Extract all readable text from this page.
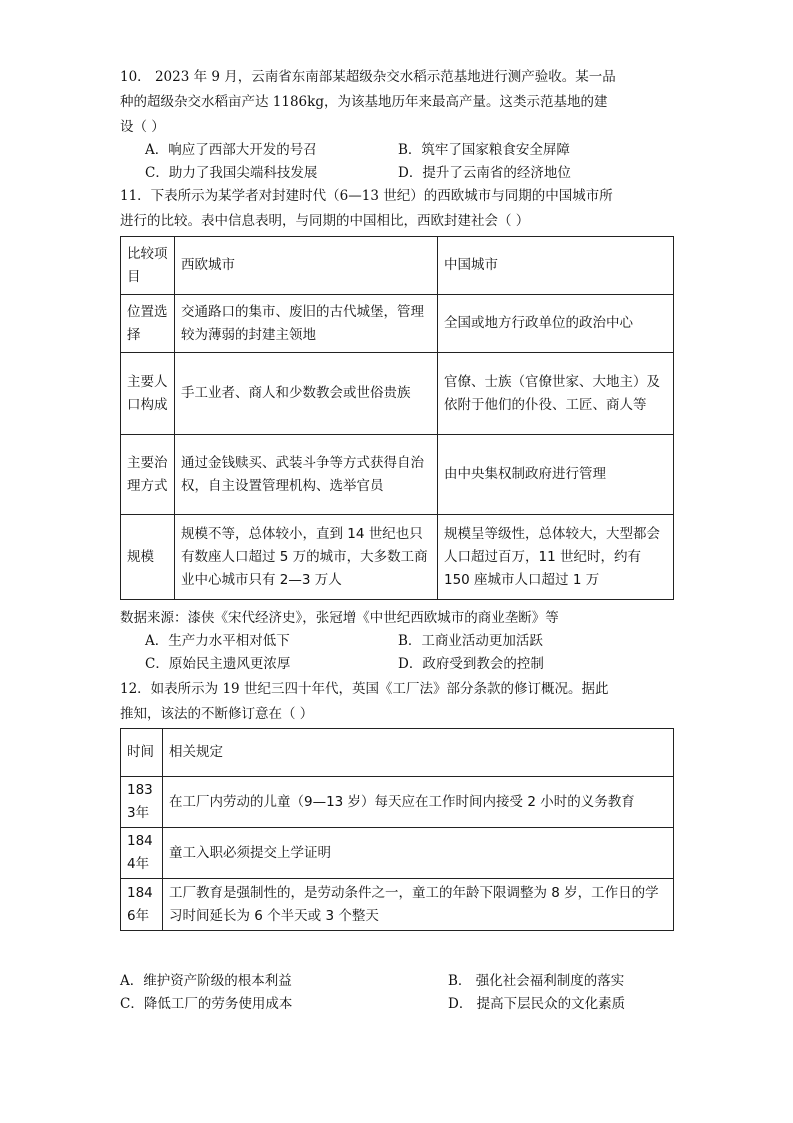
10． 2023 年 9 月，云南省东南部某超级杂交水稻示范基地进行测产验收。某一品
种的超级杂交水稻亩产达 1186kg，为该基地历年来最高产量。这类示范基地的建
设（ ）
A．响应了西部大开发的号召	B．筑牢了国家粮食安全屏障
C．助力了我国尖端科技发展	D．提升了云南省的经济地位
11．下表所示为某学者对封建时代（6—13 世纪）的西欧城市与同期的中国城市所
进行的比较。表中信息表明，与同期的中国相比，西欧封建社会（ ）
比较项目	西欧城市	中国城市
位置选择	交通路口的集市、废旧的古代城堡，管理较为薄弱的封建主领地	全国或地方行政单位的政治中心
主要人口构成	手工业者、商人和少数教会或世俗贵族	官僚、士族（官僚世家、大地主）及依附于他们的仆役、工匠、商人等
主要治理方式	通过金钱赎买、武装斗争等方式获得自治权，自主设置管理机构、选举官员	由中央集权制政府进行管理
规模	规模不等，总体较小，直到 14 世纪也只有数座人口超过 5 万的城市，大多数工商业中心城市只有 2—3 万人	规模呈等级性，总体较大，大型都会人口超过百万，11 世纪时，约有 150 座城市人口超过 1 万
数据来源：漆侠《宋代经济史》，张冠增《中世纪西欧城市的商业垄断》等
A．生产力水平相对低下	B．工商业活动更加活跃
C．原始民主遗风更浓厚	D．政府受到教会的控制
12．如表所示为 19 世纪三四十年代，英国《工厂法》部分条款的修订概况。据此
推知，该法的不断修订意在（ ）
时间	相关规定
1833年	在工厂内劳动的儿童（9—13 岁）每天应在工作时间内接受 2 小时的义务教育
1844年	童工入职必须提交上学证明
1846年	工厂教育是强制性的，是劳动条件之一，童工的年龄下限调整为 8 岁，工作日的学习时间延长为 6 个半天或 3 个整天
A．维护资产阶级的根本利益	B． 强化社会福利制度的落实
C．降低工厂的劳务使用成本	D． 提高下层民众的文化素质
